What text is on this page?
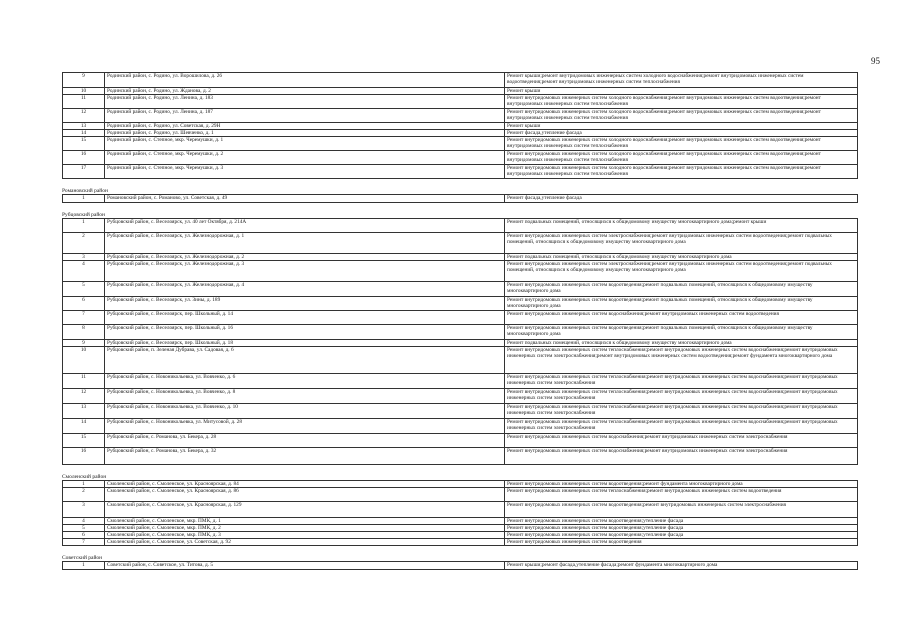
95
9	Родинский район, с. Родино, ул. Ворошилова, д. 26	Ремонт крыши;ремонт внутридомовых инженерных систем холодного водоснабжения;ремонт внутридомовых инженерных систем водоотведения;ремонт внутридомовых инженерных систем теплоснабжения
10	Родинский район, с. Родино, ул. Жданова, д. 2	Ремонт крыши
11	Родинский район, с. Родино, ул. Ленина, д. 183	Ремонт внутридомовых инженерных систем холодного водоснабжения;ремонт внутридомовых инженерных систем водоотведения;ремонт внутридомовых инженерных систем теплоснабжения
12	Родинский район, с. Родино, ул. Ленина, д. 187	Ремонт внутридомовых инженерных систем холодного водоснабжения;ремонт внутридомовых инженерных систем водоотведения;ремонт внутридомовых инженерных систем теплоснабжения
13	Родинский район, с. Родино, ул. Советская, д. 29Н	Ремонт крыши
14	Родинский район, с. Родино, ул. Шевченко, д. 1	Ремонт фасада,утепление фасада
15	Родинский район, с. Степное, мкр. Черемушки, д. 1	Ремонт внутридомовых инженерных систем холодного водоснабжения;ремонт внутридомовых инженерных систем водоотведения;ремонт внутридомовых инженерных систем теплоснабжения
16	Родинский район, с. Степное, мкр. Черемушки, д. 2	Ремонт внутридомовых инженерных систем холодного водоснабжения;ремонт внутридомовых инженерных систем водоотведения;ремонт внутридомовых инженерных систем теплоснабжения
17	Родинский район, с. Степное, мкр. Черемушки, д. 3	Ремонт внутридомовых инженерных систем холодного водоснабжения;ремонт внутридомовых инженерных систем водоотведения;ремонт внутридомовых инженерных систем теплоснабжения
Романовский район
1	Романовский район, с. Романово, ул. Советская, д. 49	Ремонт фасада,утепление фасада
Рубцовский район
1	Рубцовский район, с. Веселоярск, ул. 40 лет Октября, д. 214А	Ремонт подвальных помещений, относящихся к общедомовому имуществу многоквартирного дома;ремонт крыши
2	Рубцовский район, с. Веселоярск, ул. Железнодорожная, д. 1	Ремонт внутридомовых инженерных систем электроснабжения;ремонт внутридомовых инженерных систем водоотведения;ремонт подвальных помещений, относящихся к общедомовому имуществу многоквартирного дома
3	Рубцовский район, с. Веселоярск, ул. Железнодорожная, д. 2	Ремонт подвальных помещений, относящихся к общедомовому имуществу многоквартирного дома
4	Рубцовский район, с. Веселоярск, ул. Железнодорожная, д. 3	Ремонт внутридомовых инженерных систем электроснабжения;ремонт внутридомовых инженерных систем водоотведения;ремонт подвальных помещений, относящихся к общедомовому имуществу многоквартирного дома
5	Рубцовский район, с. Веселоярск, ул. Железнодорожная, д. 4	Ремонт внутридомовых инженерных систем водоотведения;ремонт подвальных помещений, относящихся к общедомовому имуществу многоквартирного дома
6	Рубцовский район, с. Веселоярск, ул. Зины, д. 189	Ремонт внутридомовых инженерных систем водоотведения;ремонт подвальных помещений, относящихся к общедомовому имуществу многоквартирного дома
7	Рубцовский район, с. Веселоярск, пер. Школьный, д. 14	Ремонт внутридомовых инженерных систем водоснабжения;ремонт внутридомовых инженерных систем водоотведения
8	Рубцовский район, с. Веселоярск, пер. Школьный, д. 16	Ремонт внутридомовых инженерных систем водоотведения;ремонт подвальных помещений, относящихся к общедомовому имуществу многоквартирного дома
9	Рубцовский район, с. Веселоярск, пер. Школьный, д. 18	Ремонт подвальных помещений, относящихся к общедомовому имуществу многоквартирного дома
10	Рубцовский район, п. Зеленая Дубрава, ул. Садовая, д. 6	Ремонт внутридомовых инженерных систем теплоснабжения;ремонт внутридомовых инженерных систем водоснабжения;ремонт внутридомовых инженерных систем электроснабжения;ремонт внутридомовых инженерных систем водоотведения;ремонт фундамента многоквартирного дома
11	Рубцовский район, с. Новоникольевка, ул. Вовченко, д. 6	Ремонт внутридомовых инженерных систем теплоснабжения;ремонт внутридомовых инженерных систем водоснабжения;ремонт внутридомовых инженерных систем электроснабжения
12	Рубцовский район, с. Новоникольевка, ул. Вовченко, д. 8	Ремонт внутридомовых инженерных систем теплоснабжения;ремонт внутридомовых инженерных систем водоснабжения;ремонт внутридомовых инженерных систем электроснабжения
13	Рубцовский район, с. Новоникольевка, ул. Вовченко, д. 10	Ремонт внутридомовых инженерных систем теплоснабжения;ремонт внутридомовых инженерных систем водоснабжения;ремонт внутридомовых инженерных систем электроснабжения
14	Рубцовский район, с. Новоникольевка, ул. Митусовой, д. 28	Ремонт внутридомовых инженерных систем теплоснабжения;ремонт внутридомовых инженерных систем водоснабжения;ремонт внутридомовых инженерных систем электроснабжения
15	Рубцовский район, с. Романова, ул. Бекера, д. 28	Ремонт внутридомовых инженерных систем водоснабжения;ремонт внутридомовых инженерных систем электроснабжения
16	Рубцовский район, с. Романова, ул. Бекера, д. 32	Ремонт внутридомовых инженерных систем водоснабжения;ремонт внутридомовых инженерных систем электроснабжения
Смоленский район
1	Смоленский район, с. Смоленское, ул. Красноярская, д. 84	Ремонт внутридомовых инженерных систем водоотведения;ремонт фундамента многоквартирного дома
2	Смоленский район, с. Смоленское, ул. Красноярская, д. 86	Ремонт внутридомовых инженерных систем теплоснабжения;ремонт внутридомовых инженерных систем водоотведения
3	Смоленский район, с. Смоленское, ул. Красноярская, д. 129	Ремонт внутридомовых инженерных систем водоотведения;ремонт внутридомовых инженерных систем электроснабжения
4	Смоленский район, с. Смоленское, мкр. ПМК, д. 1	Ремонт внутридомовых инженерных систем водоотведения;утепление фасада
5	Смоленский район, с. Смоленское, мкр. ПМК, д. 2	Ремонт внутридомовых инженерных систем водоотведения;утепление фасада
6	Смоленский район, с. Смоленское, мкр. ПМК, д. 3	Ремонт внутридомовых инженерных систем водоотведения;утепление фасада
7	Смоленский район, с. Смоленское, ул. Советская, д. 92	Ремонт внутридомовых инженерных систем водоотведения
Советский район
1	Советский район, с. Советское, ул. Титова, д. 5	Ремонт крыши;ремонт фасада,утепление фасада;ремонт фундамента многоквартирного дома
